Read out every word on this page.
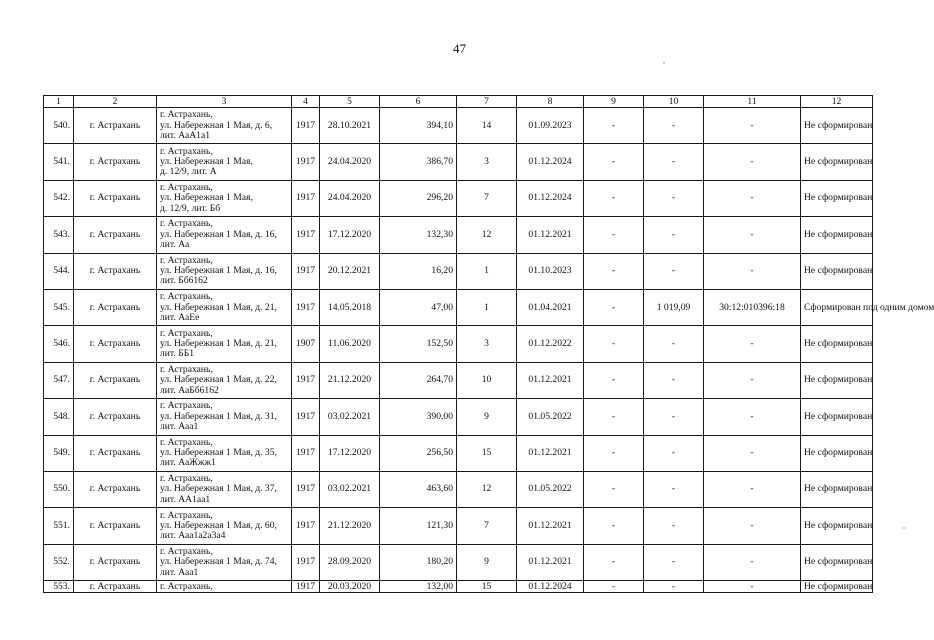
47
1	2	3	4	5	6	7	8	9	10	11	12
540.	г. Астрахань	г. Астрахань,
ул. Набережная 1 Мая, д. 6,
лит. АаА1а1	1917	28.10.2021	394,10	14	01.09.2023	-	-	-	Не сформирован
541.	г. Астрахань	г. Астрахань,
ул. Набережная 1 Мая,
д. 12/9, лит. А	1917	24.04.2020	386,70	3	01.12.2024	-	-	-	Не сформирован
542.	г. Астрахань	г. Астрахань,
ул. Набережная 1 Мая,
д. 12/9, лит. Бб	1917	24.04.2020	296,20	7	01.12.2024	-	-	-	Не сформирован
543.	г. Астрахань	г. Астрахань,
ул. Набережная 1 Мая, д. 16,
лит. Аа	1917	17.12.2020	132,30	12	01.12.2021	-	-	-	Не сформирован
544.	г. Астрахань	г. Астрахань,
ул. Набережная 1 Мая, д. 16,
лит. Бб6162	1917	20.12.2021	16,20	1	01.10.2023	-	-	-	Не сформирован
545.	г. Астрахань	г. Астрахань,
ул. Набережная 1 Мая, д. 21,
лит. АаЕе	1917	14.05.2018	47,00	1	01.04.2021	-	1 019,09	30:12:010396:18	Сформирован под одним домом
546.	г. Астрахань	г. Астрахань,
ул. Набережная 1 Мая, д. 21,
лит. ББ1	1907	11.06.2020	152,50	3	01.12.2022	-	-	-	Не сформирован
547.	г. Астрахань	г. Астрахань,
ул. Набережная 1 Мая, д. 22,
лит. АаБб6162	1917	21.12.2020	264,70	10	01.12.2021	-	-	-	Не сформирован
548.	г. Астрахань	г. Астрахань,
ул. Набережная 1 Мая, д. 31,
лит. Ааа1	1917	03.02.2021	390,00	9	01.05.2022	-	-	-	Не сформирован
549.	г. Астрахань	г. Астрахань,
ул. Набережная 1 Мая, д. 35,
лит. АаЖжж1	1917	17.12.2020	256,50	15	01.12.2021	-	-	-	Не сформирован
550.	г. Астрахань	г. Астрахань,
ул. Набережная 1 Мая, д. 37,
лит. АА1аа1	1917	03.02.2021	463,60	12	01.05.2022	-	-	-	Не сформирован
551.	г. Астрахань	г. Астрахань,
ул. Набережная 1 Мая, д. 60,
лит. Ааа1а2а3а4	1917	21.12.2020	121,30	7	01.12.2021	-	-	-	Не сформирован
552.	г. Астрахань	г. Астрахань,
ул. Набережная 1 Мая, д. 74,
лит. Ааа1	1917	28.09.2020	180,20	9	01.12.2021	-	-	-	Не сформирован
553.	г. Астрахань	г. Астрахань,	1917	20.03.2020	132,00	15	01.12.2024	-	-	-	Не сформирован
